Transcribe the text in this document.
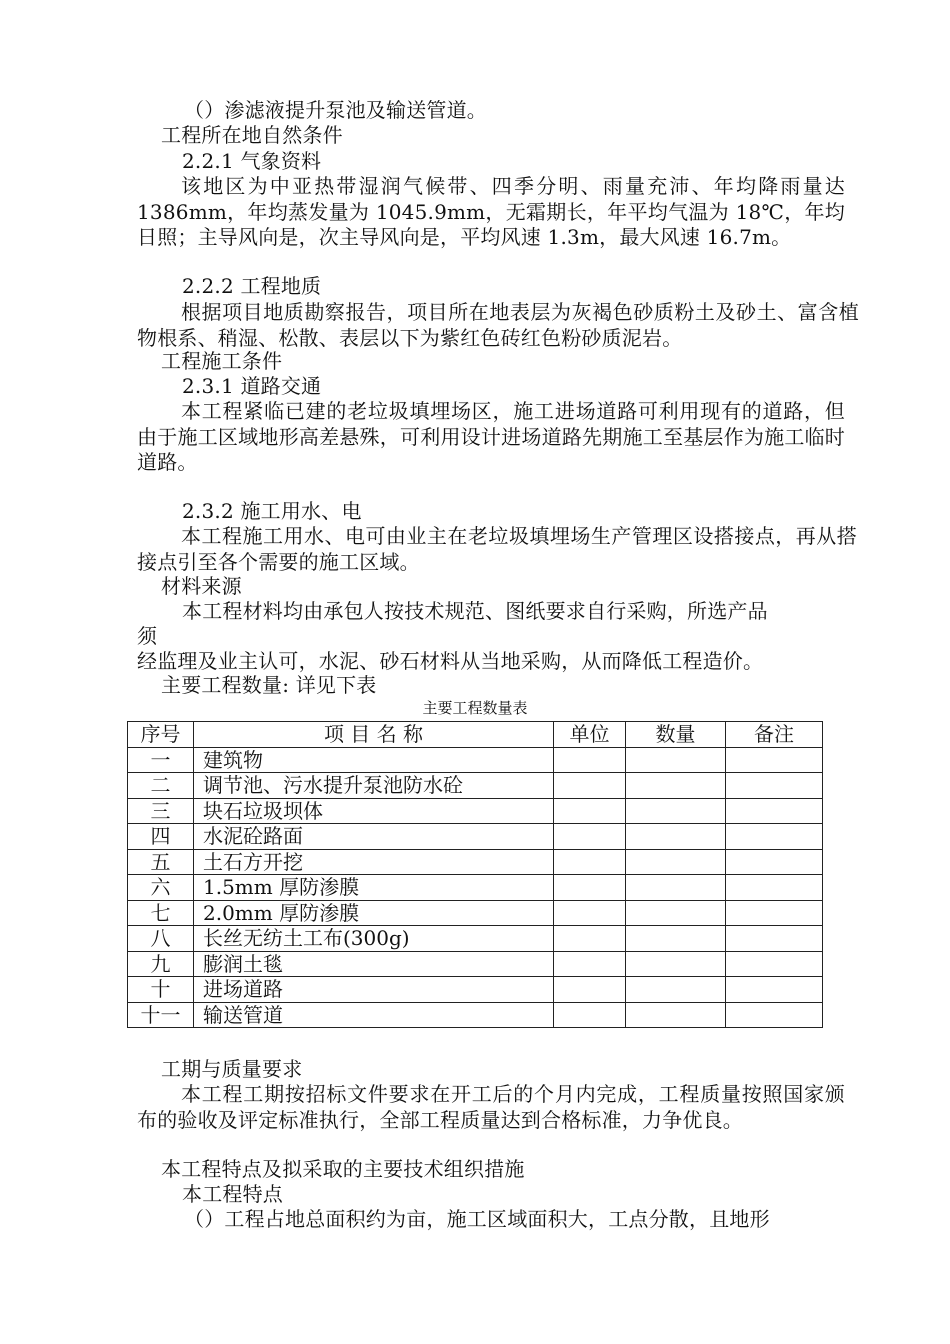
（）渗滤液提升泵池及输送管道。
工程所在地自然条件
2.2.1 气象资料
该地区为中亚热带湿润气候带、四季分明、雨量充沛、年均降雨量达 1386mm，年均蒸发量为 1045.9mm，无霜期长，年平均气温为 18℃，年均日照；主导风向是，次主导风向是，平均风速 1.3m，最大风速 16.7m。
2.2.2 工程地质
根据项目地质勘察报告，项目所在地表层为灰褐色砂质粉土及砂土、富含植物根系、稍湿、松散、表层以下为紫红色砖红色粉砂质泥岩。
工程施工条件
2.3.1 道路交通
本工程紧临已建的老垃圾填埋场区，施工进场道路可利用现有的道路，但由于施工区域地形高差悬殊，可利用设计进场道路先期施工至基层作为施工临时道路。
2.3.2 施工用水、电
本工程施工用水、电可由业主在老垃圾填埋场生产管理区设搭接点，再从搭接点引至各个需要的施工区域。
材料来源
本工程材料均由承包人按技术规范、图纸要求自行采购，所选产品
须
经监理及业主认可，水泥、砂石材料从当地采购，从而降低工程造价。
主要工程数量: 详见下表
主要工程数量表
序号	项 目 名 称	单位	数量	备注
一	建筑物			
二	调节池、污水提升泵池防水砼			
三	块石垃圾坝体			
四	水泥砼路面			
五	土石方开挖			
六	1.5mm 厚防渗膜			
七	2.0mm 厚防渗膜			
八	长丝无纺土工布(300g)			
九	膨润土毯			
十	进场道路			
十一	输送管道			
工期与质量要求
本工程工期按招标文件要求在开工后的个月内完成，工程质量按照国家颁布的验收及评定标准执行，全部工程质量达到合格标准，力争优良。
本工程特点及拟采取的主要技术组织措施
本工程特点
（）工程占地总面积约为亩，施工区域面积大，工点分散，且地形
